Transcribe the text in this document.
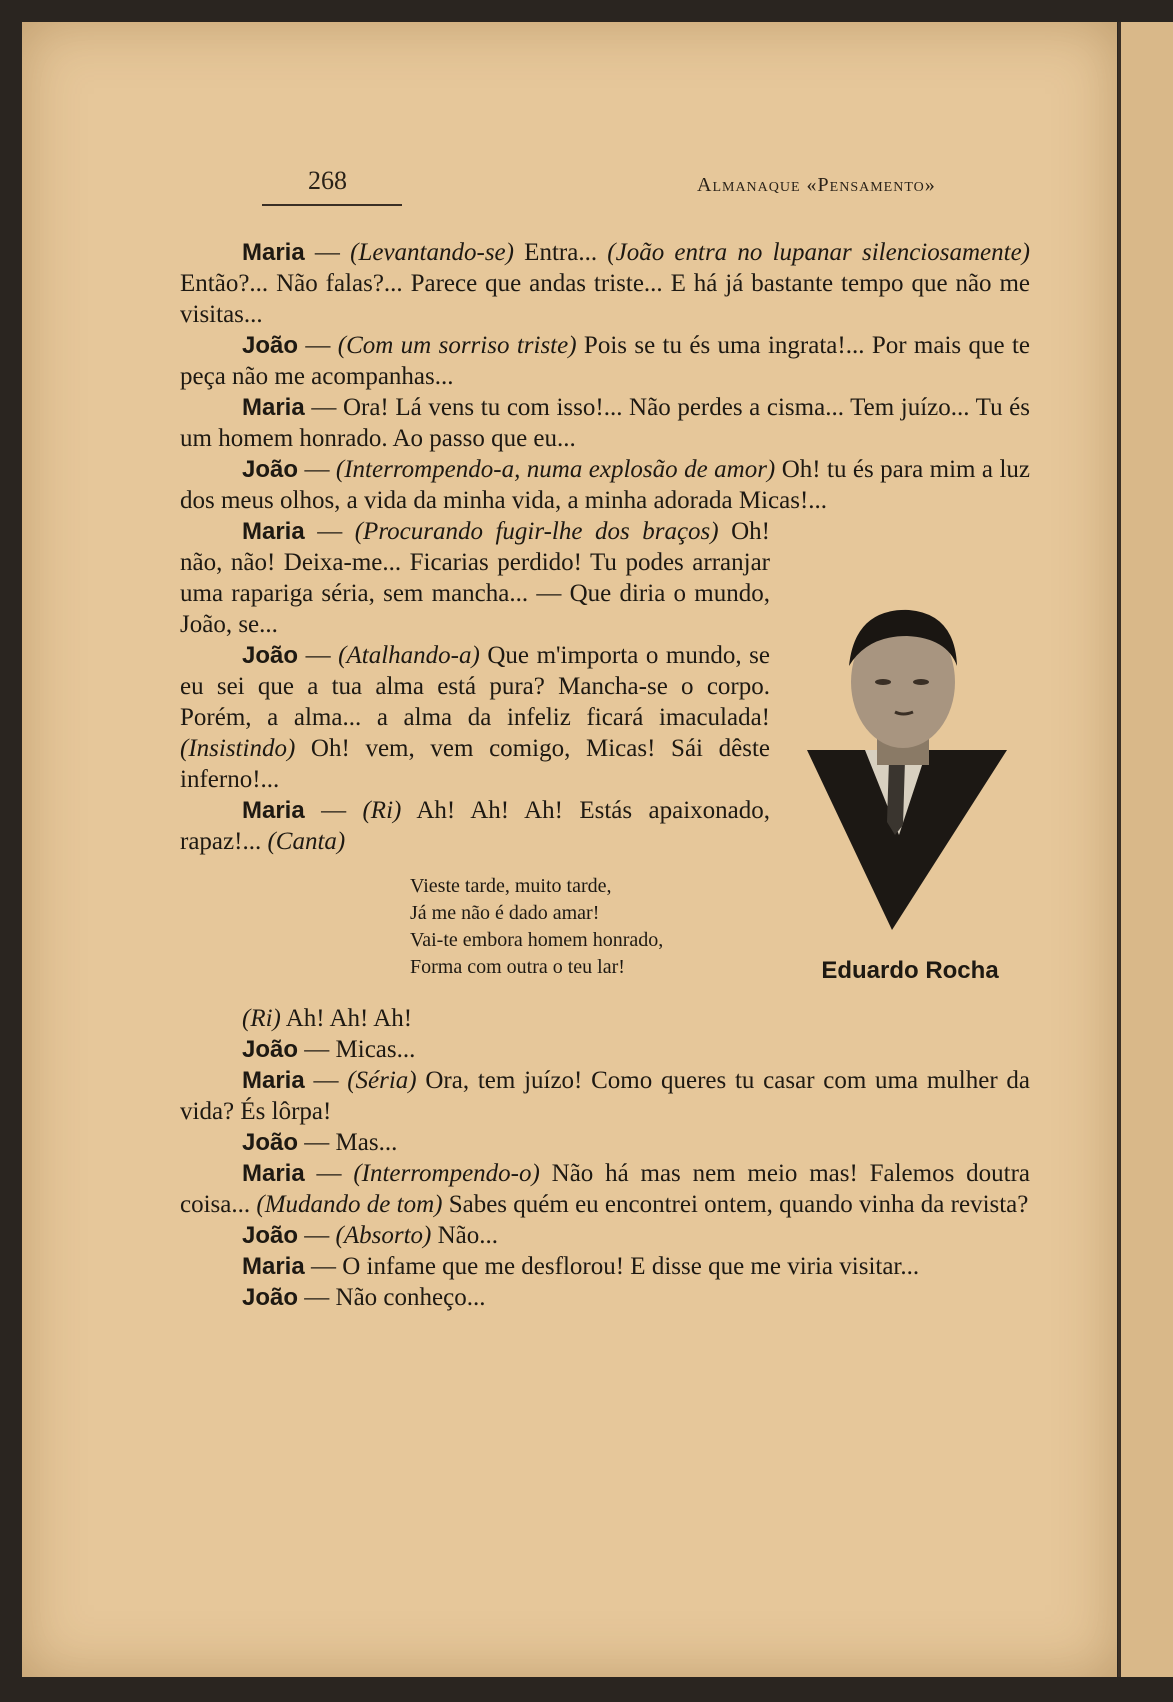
268	Almanaque «Pensamento»
Eduardo Rocha

Maria — (Levantando-se) Entra... (João entra no lupanar silenciosamente) Então?... Não falas?... Parece que andas triste... E há já bastante tempo que não me visitas...

João — (Com um sorriso triste) Pois se tu és uma ingrata!... Por mais que te peça não me acompanhas...

Maria — Ora! Lá vens tu com isso!... Não perdes a cisma... Tem juízo... Tu és um homem honrado. Ao passo que eu...

João — (Interrompendo-a, numa explosão de amor) Oh! tu és para mim a luz dos meus olhos, a vida da minha vida, a minha adorada Micas!...

Maria — (Procurando fugir-lhe dos braços) Oh! não, não! Deixa-me... Ficarias perdido! Tu podes arranjar uma rapariga séria, sem mancha... — Que diria o mundo, João, se...

João — (Atalhando-a) Que m'importa o mundo, se eu sei que a tua alma está pura? Mancha-se o corpo. Porém, a alma... a alma da infeliz ficará imaculada! (Insistindo) Oh! vem, vem comigo, Micas! Sái dêste inferno!...

Maria — (Ri) Ah! Ah! Ah! Estás apaixonado, rapaz!... (Canta)

Vieste tarde, muito tarde,
Já me não é dado amar!
Vai-te embora homem honrado,
Forma com outra o teu lar!

(Ri) Ah! Ah! Ah!

João — Micas...

Maria — (Séria) Ora, tem juízo! Como queres tu casar com uma mulher da vida? És lôrpa!

João — Mas...

Maria — (Interrompendo-o) Não há mas nem meio mas! Falemos doutra coisa... (Mudando de tom) Sabes quém eu encontrei ontem, quando vinha da revista?

João — (Absorto) Não...

Maria — O infame que me desflorou! E disse que me viria visitar...

João — Não conheço...
